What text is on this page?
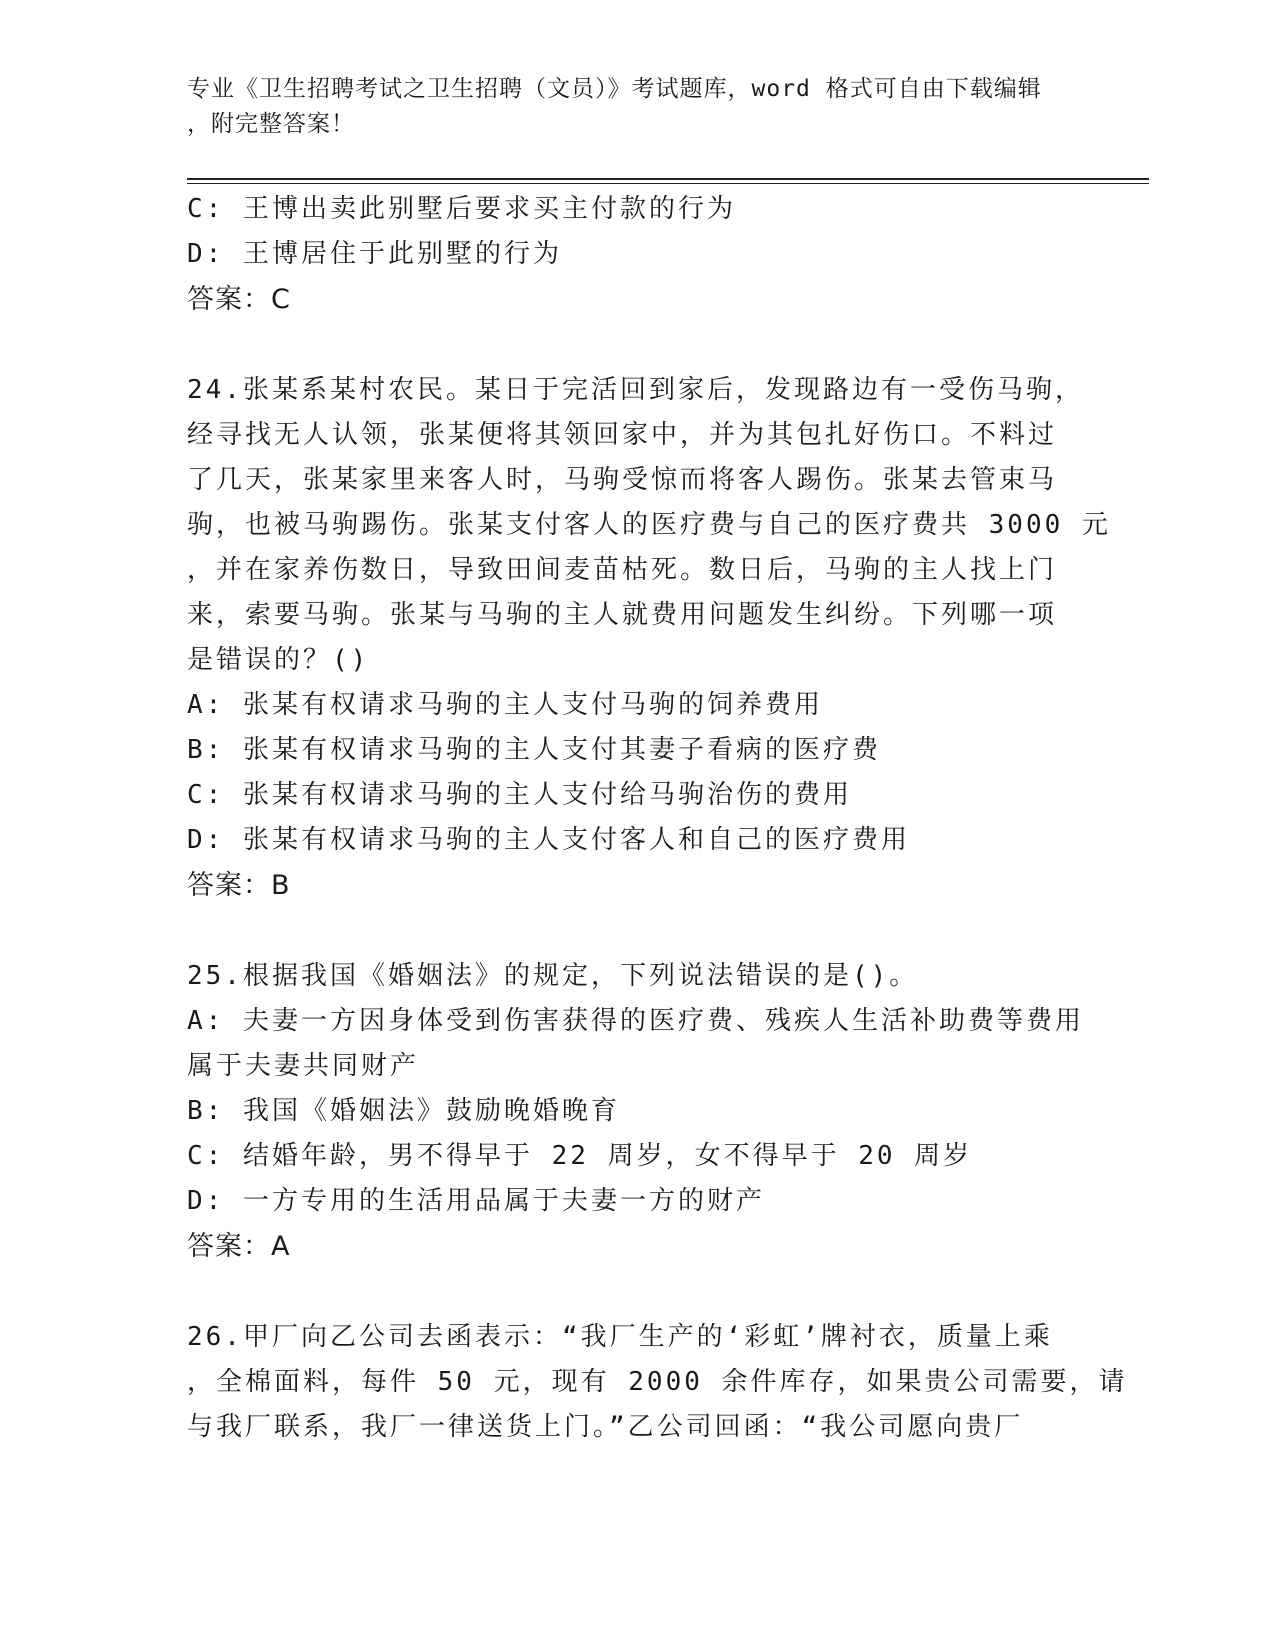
专业《卫生招聘考试之卫生招聘（文员）》考试题库，word 格式可自由下载编辑
，附完整答案！
C: 王博出卖此别墅后要求买主付款的行为
D: 王博居住于此别墅的行为
答案：C
24.张某系某村农民。某日于完活回到家后，发现路边有一受伤马驹，
经寻找无人认领，张某便将其领回家中，并为其包扎好伤口。不料过
了几天，张某家里来客人时，马驹受惊而将客人踢伤。张某去管束马
驹，也被马驹踢伤。张某支付客人的医疗费与自己的医疗费共 3000 元
，并在家养伤数日，导致田间麦苗枯死。数日后，马驹的主人找上门
来，索要马驹。张某与马驹的主人就费用问题发生纠纷。下列哪一项
是错误的？()
A: 张某有权请求马驹的主人支付马驹的饲养费用
B: 张某有权请求马驹的主人支付其妻子看病的医疗费
C: 张某有权请求马驹的主人支付给马驹治伤的费用
D: 张某有权请求马驹的主人支付客人和自己的医疗费用
答案：B
25.根据我国《婚姻法》的规定，下列说法错误的是()。
A: 夫妻一方因身体受到伤害获得的医疗费、残疾人生活补助费等费用
属于夫妻共同财产
B: 我国《婚姻法》鼓励晚婚晚育
C: 结婚年龄，男不得早于 22 周岁，女不得早于 20 周岁
D: 一方专用的生活用品属于夫妻一方的财产
答案：A
26.甲厂向乙公司去函表示：“我厂生产的‘彩虹’牌衬衣，质量上乘
，全棉面料，每件 50 元，现有 2000 余件库存，如果贵公司需要，请
与我厂联系，我厂一律送货上门。”乙公司回函：“我公司愿向贵厂
